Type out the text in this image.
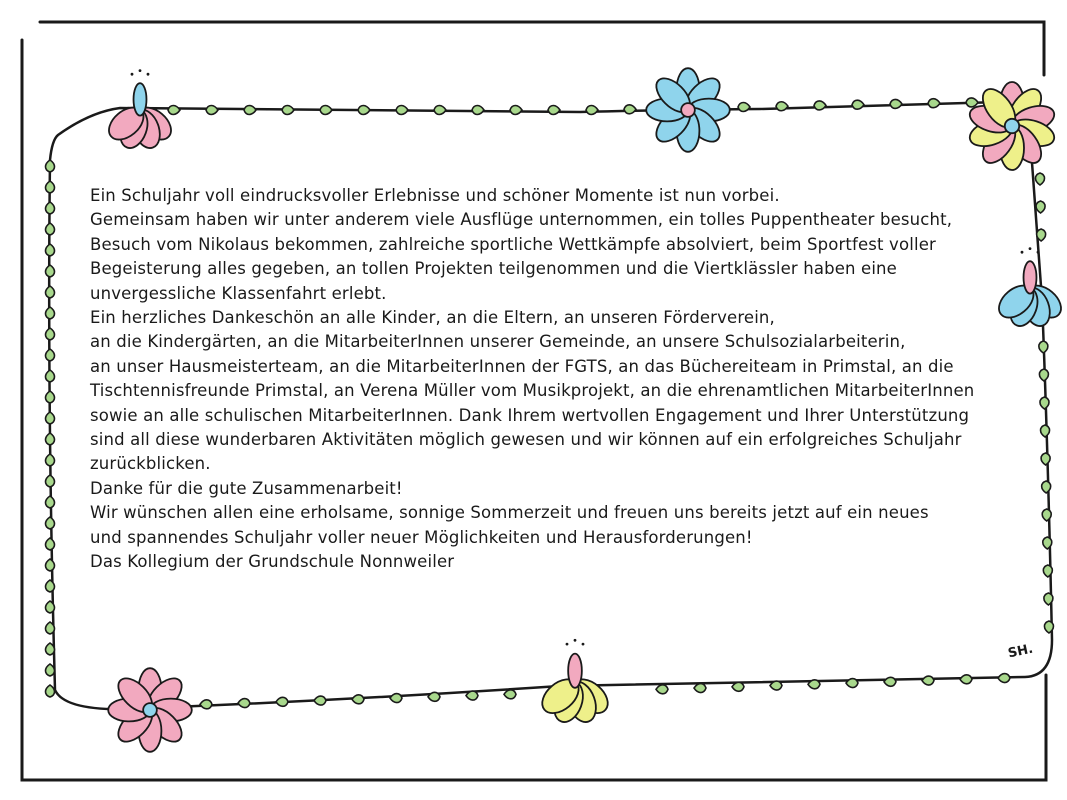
Ein Schuljahr voll eindrucksvoller Erlebnisse und schöner Momente ist nun vorbei.
Gemeinsam haben wir unter anderem viele Ausflüge unternommen, ein tolles Puppentheater besucht,
Besuch vom Nikolaus bekommen, zahlreiche sportliche Wettkämpfe absolviert, beim Sportfest voller
Begeisterung alles gegeben, an tollen Projekten teilgenommen und die Viertklässler haben eine
unvergessliche Klassenfahrt erlebt.
Ein herzliches Dankeschön an alle Kinder, an die Eltern, an unseren Förderverein,
an die Kindergärten, an die MitarbeiterInnen unserer Gemeinde, an unsere Schulsozialarbeiterin,
an unser Hausmeisterteam, an die MitarbeiterInnen der FGTS, an das Büchereiteam in Primstal, an die
Tischtennisfreunde Primstal, an Verena Müller vom Musikprojekt, an die ehrenamtlichen MitarbeiterInnen
sowie an alle schulischen MitarbeiterInnen. Dank Ihrem wertvollen Engagement und Ihrer Unterstützung
sind all diese wunderbaren Aktivitäten möglich gewesen und wir können auf ein erfolgreiches Schuljahr
zurückblicken.
Danke für die gute Zusammenarbeit!
Wir wünschen allen eine erholsame, sonnige Sommerzeit und freuen uns bereits jetzt auf ein neues
und spannendes Schuljahr voller neuer Möglichkeiten und Herausforderungen!
Das Kollegium der Grundschule Nonnweiler
SH.
